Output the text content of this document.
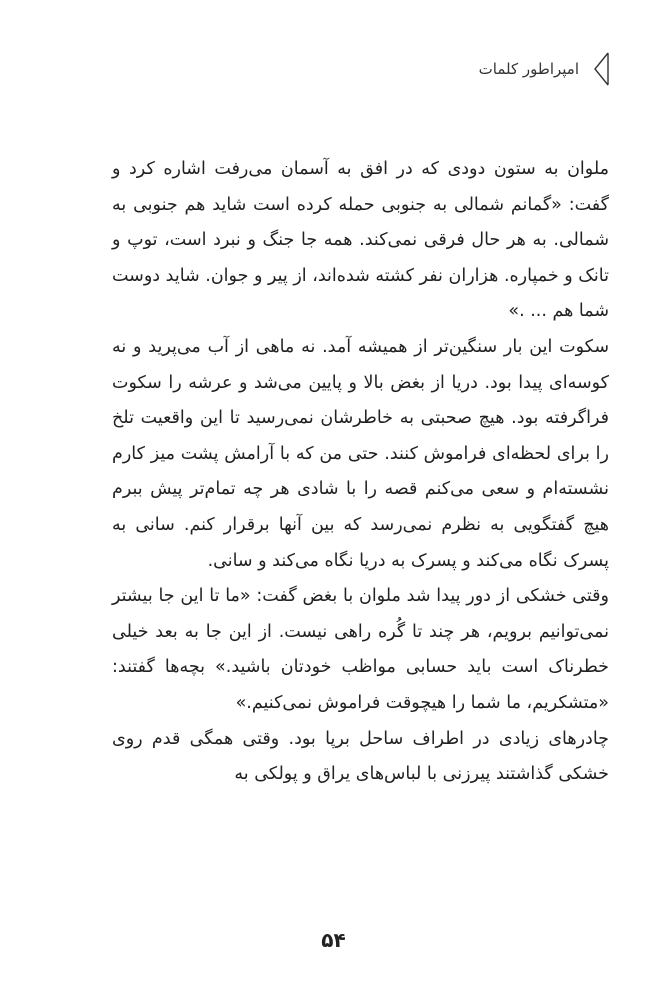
امپراطور کلمات

ملوان به ستون دودی که در افق به آسمان می‌رفت اشاره کرد و گفت: «گمانم شمالی به جنوبی حمله کرده است شاید هم جنوبی به شمالی. به هر حال فرقی نمی‌کند. همه جا جنگ و نبرد است، توپ و تانک و خمپاره. هزاران نفر کشته شده‌اند، از پیر و جوان. شاید دوست شما هم ... .»

سکوت این بار سنگین‌تر از همیشه آمد. نه ماهی از آب می‌پرید و نه کوسه‌ای پیدا بود. دریا از بغض بالا و پایین می‌شد و عرشه را سکوت فراگرفته بود. هیچ صحبتی به خاطرشان نمی‌رسید تا این واقعیت تلخ را برای لحظه‌ای فراموش کنند. حتی من که با آرامش پشت میز کارم نشسته‌ام و سعی می‌کنم قصه را با شادی هر چه تمام‌تر پیش ببرم هیچ گفتگویی به نظرم نمی‌رسد که بین آنها برقرار کنم. سانی به پسرک نگاه می‌کند و پسرک به دریا نگاه می‌کند و سانی.

وقتی خشکی از دور پیدا شد ملوان با بغض گفت: «ما تا این جا بیشتر نمی‌توانیم برویم، هر چند تا گُره راهی نیست. از این جا به بعد خیلی خطرناک است باید حسابی مواظب خودتان باشید.» بچه‌ها گفتند: «متشکریم، ما شما را هیچوقت فراموش نمی‌کنیم.»

چادرهای زیادی در اطراف ساحل برپا بود. وقتی همگی قدم روی خشکی گذاشتند پیرزنی با لباس‌های یراق و پولکی به

۵۴
